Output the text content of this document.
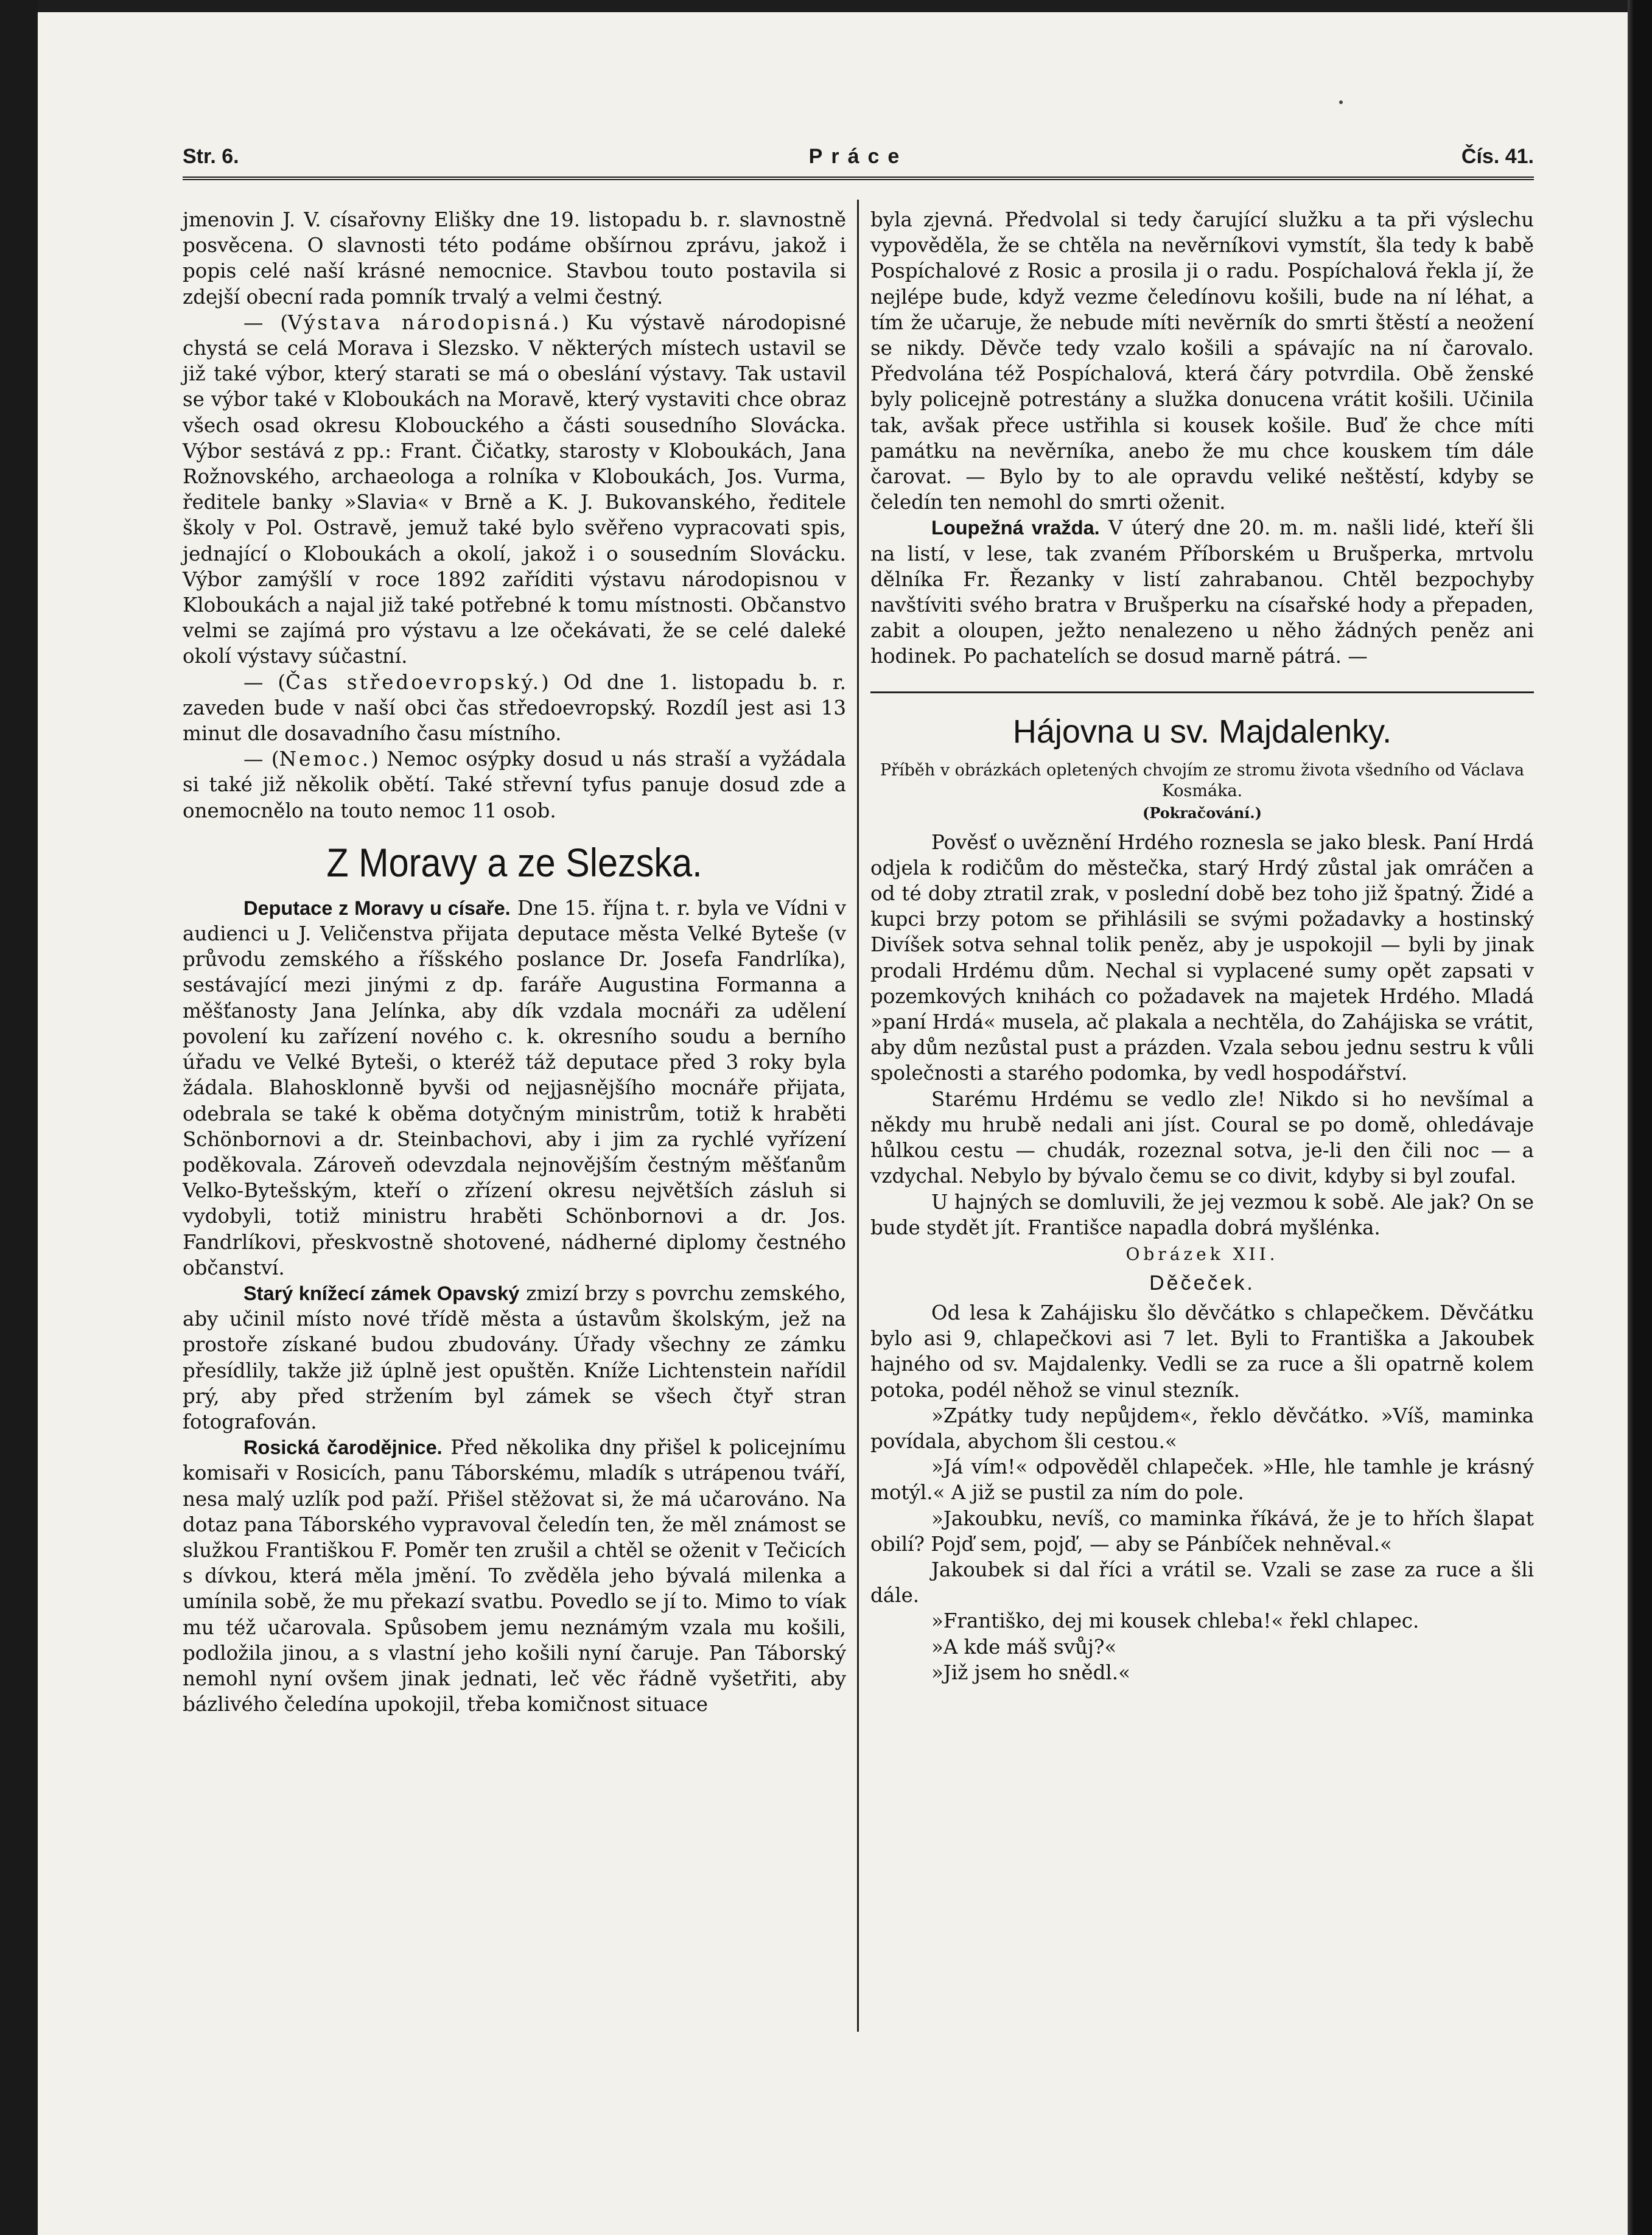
Str. 6.	Práce	Čís. 41.

jmenovin J. V. císařovny Elišky dne 19. listopadu b. r. slavnostně posvěcena. O slavnosti této podáme obšírnou zprávu, jakož i popis celé naší krásné nemocnice. Stavbou touto postavila si zdejší obecní rada pomník trvalý a velmi čestný.

— (Výstava národopisná.) Ku výstavě národopisné chystá se celá Morava i Slezsko. V některých místech ustavil se již také výbor, který starati se má o obeslání výstavy. Tak ustavil se výbor také v Kloboukách na Moravě, který vystaviti chce obraz všech osad okresu Klobouckého a části sousedního Slovácka. Výbor sestává z pp.: Frant. Čičatky, starosty v Kloboukách, Jana Rožnovského, archaeologa a rolníka v Kloboukách, Jos. Vurma, ředitele banky »Slavia« v Brně a K. J. Bukovanského, ředitele školy v Pol. Ostravě, jemuž také bylo svěřeno vypracovati spis, jednající o Kloboukách a okolí, jakož i o sousedním Slovácku. Výbor zamýšlí v roce 1892 zaříditi výstavu národopisnou v Kloboukách a najal již také potřebné k tomu místnosti. Občanstvo velmi se zajímá pro výstavu a lze očekávati, že se celé daleké okolí výstavy súčastní.

— (Čas středoevropský.) Od dne 1. listopadu b. r. zaveden bude v naší obci čas středoevropský. Rozdíl jest asi 13 minut dle dosavadního času místního.

— (Nemoc.) Nemoc osýpky dosud u nás straší a vyžádala si také již několik obětí. Také střevní tyfus panuje dosud zde a onemocnělo na touto nemoc 11 osob.

Z Moravy a ze Slezska.

Deputace z Moravy u císaře. Dne 15. října t. r. byla ve Vídni v audienci u J. Veličenstva přijata deputace města Velké Byteše (v průvodu zemského a říšského poslance Dr. Josefa Fandrlíka), sestávající mezi jinými z dp. faráře Augustina Formanna a měšťanosty Jana Jelínka, aby dík vzdala mocnáři za udělení povolení ku zařízení nového c. k. okresního soudu a berního úřadu ve Velké Byteši, o kteréž táž deputace před 3 roky byla žádala. Blahosklonně byvši od nejjasnějšího mocnáře přijata, odebrala se také k oběma dotyčným ministrům, totiž k hraběti Schönbornovi a dr. Steinbachovi, aby i jim za rychlé vyřízení poděkovala. Zároveň odevzdala nejnovějším čestným měšťanům Velko-Bytešským, kteří o zřízení okresu největších zásluh si vydobyli, totiž ministru hraběti Schönbornovi a dr. Jos. Fandrlíkovi, přeskvostně shotovené, nádherné diplomy čestného občanství.

Starý knížecí zámek Opavský zmizí brzy s povrchu zemského, aby učinil místo nové třídě města a ústavům školským, jež na prostoře získané budou zbudovány. Úřady všechny ze zámku přesídlily, takže již úplně jest opuštěn. Kníže Lichtenstein nařídil prý, aby před stržením byl zámek se všech čtyř stran fotografován.

Rosická čarodějnice. Před několika dny přišel k policejnímu komisaři v Rosicích, panu Táborskému, mladík s utrápenou tváří, nesa malý uzlík pod paží. Přišel stěžovat si, že má učarováno. Na dotaz pana Táborského vypravoval čeledín ten, že měl známost se služkou Františkou F. Poměr ten zrušil a chtěl se oženit v Tečicích s dívkou, která měla jmění. To zvěděla jeho bývalá milenka a umínila sobě, že mu překazí svatbu. Povedlo se jí to. Mimo to víak mu též učarovala. Spůsobem jemu neznámým vzala mu košili, podložila jinou, a s vlastní jeho košili nyní čaruje. Pan Táborský nemohl nyní ovšem jinak jednati, leč věc řádně vyšetřiti, aby bázlivého čeledína upokojil, třeba komičnost situace

byla zjevná. Předvolal si tedy čarující služku a ta při výslechu vypověděla, že se chtěla na nevěrníkovi vymstít, šla tedy k babě Pospíchalové z Rosic a prosila ji o radu. Pospíchalová řekla jí, že nejlépe bude, když vezme čeledínovu košili, bude na ní léhat, a tím že učaruje, že nebude míti nevěrník do smrti štěstí a neožení se nikdy. Děvče tedy vzalo košili a spávajíc na ní čarovalo. Předvolána též Pospíchalová, která čáry potvrdila. Obě ženské byly policejně potrestány a služka donucena vrátit košili. Učinila tak, avšak přece ustřihla si kousek košile. Buď že chce míti památku na nevěrníka, anebo že mu chce kouskem tím dále čarovat. — Bylo by to ale opravdu veliké neštěstí, kdyby se čeledín ten nemohl do smrti oženit.

Loupežná vražda. V úterý dne 20. m. m. našli lidé, kteří šli na listí, v lese, tak zvaném Příborském u Brušperka, mrtvolu dělníka Fr. Řezanky v listí zahrabanou. Chtěl bezpochyby navštíviti svého bratra v Brušperku na císařské hody a přepaden, zabit a oloupen, ježto nenalezeno u něho žádných peněz ani hodinek. Po pachatelích se dosud marně pátrá. —

Hájovna u sv. Majdalenky.
Příběh v obrázkách opletených chvojím ze stromu života všedního od Václava Kosmáka.
(Pokračování.)

Pověsť o uvěznění Hrdého roznesla se jako blesk. Paní Hrdá odjela k rodičům do městečka, starý Hrdý zůstal jak omráčen a od té doby ztratil zrak, v poslední době bez toho již špatný. Židé a kupci brzy potom se přihlásili se svými požadavky a hostinský Divíšek sotva sehnal tolik peněz, aby je uspokojil — byli by jinak prodali Hrdému dům. Nechal si vyplacené sumy opět zapsati v pozemkových knihách co požadavek na majetek Hrdého. Mladá »paní Hrdá« musela, ač plakala a nechtěla, do Zahájiska se vrátit, aby dům nezůstal pust a prázden. Vzala sebou jednu sestru k vůli společnosti a starého podomka, by vedl hospodářství.

Starému Hrdému se vedlo zle! Nikdo si ho nevšímal a někdy mu hrubě nedali ani jíst. Coural se po domě, ohledávaje hůlkou cestu — chudák, rozeznal sotva, je-li den čili noc — a vzdychal. Nebylo by bývalo čemu se co divit, kdyby si byl zoufal.

U hajných se domluvili, že jej vezmou k sobě. Ale jak? On se bude stydět jít. Františce napadla dobrá myšlénka.

Obrázek XII.
Děčeček.

Od lesa k Zahájisku šlo děvčátko s chlapečkem. Děvčátku bylo asi 9, chlapečkovi asi 7 let. Byli to Františka a Jakoubek hajného od sv. Majdalenky. Vedli se za ruce a šli opatrně kolem potoka, podél něhož se vinul stezník.

»Zpátky tudy nepůjdem«, řeklo děvčátko. »Víš, maminka povídala, abychom šli cestou.«

»Já vím!« odpověděl chlapeček. »Hle, hle tamhle je krásný motýl.« A již se pustil za ním do pole.

»Jakoubku, nevíš, co maminka říkává, že je to hřích šlapat obilí? Pojď sem, pojď, — aby se Pánbíček nehněval.«

Jakoubek si dal říci a vrátil se. Vzali se zase za ruce a šli dále.

»Františko, dej mi kousek chleba!« řekl chlapec.

»A kde máš svůj?«

»Již jsem ho snědl.«
